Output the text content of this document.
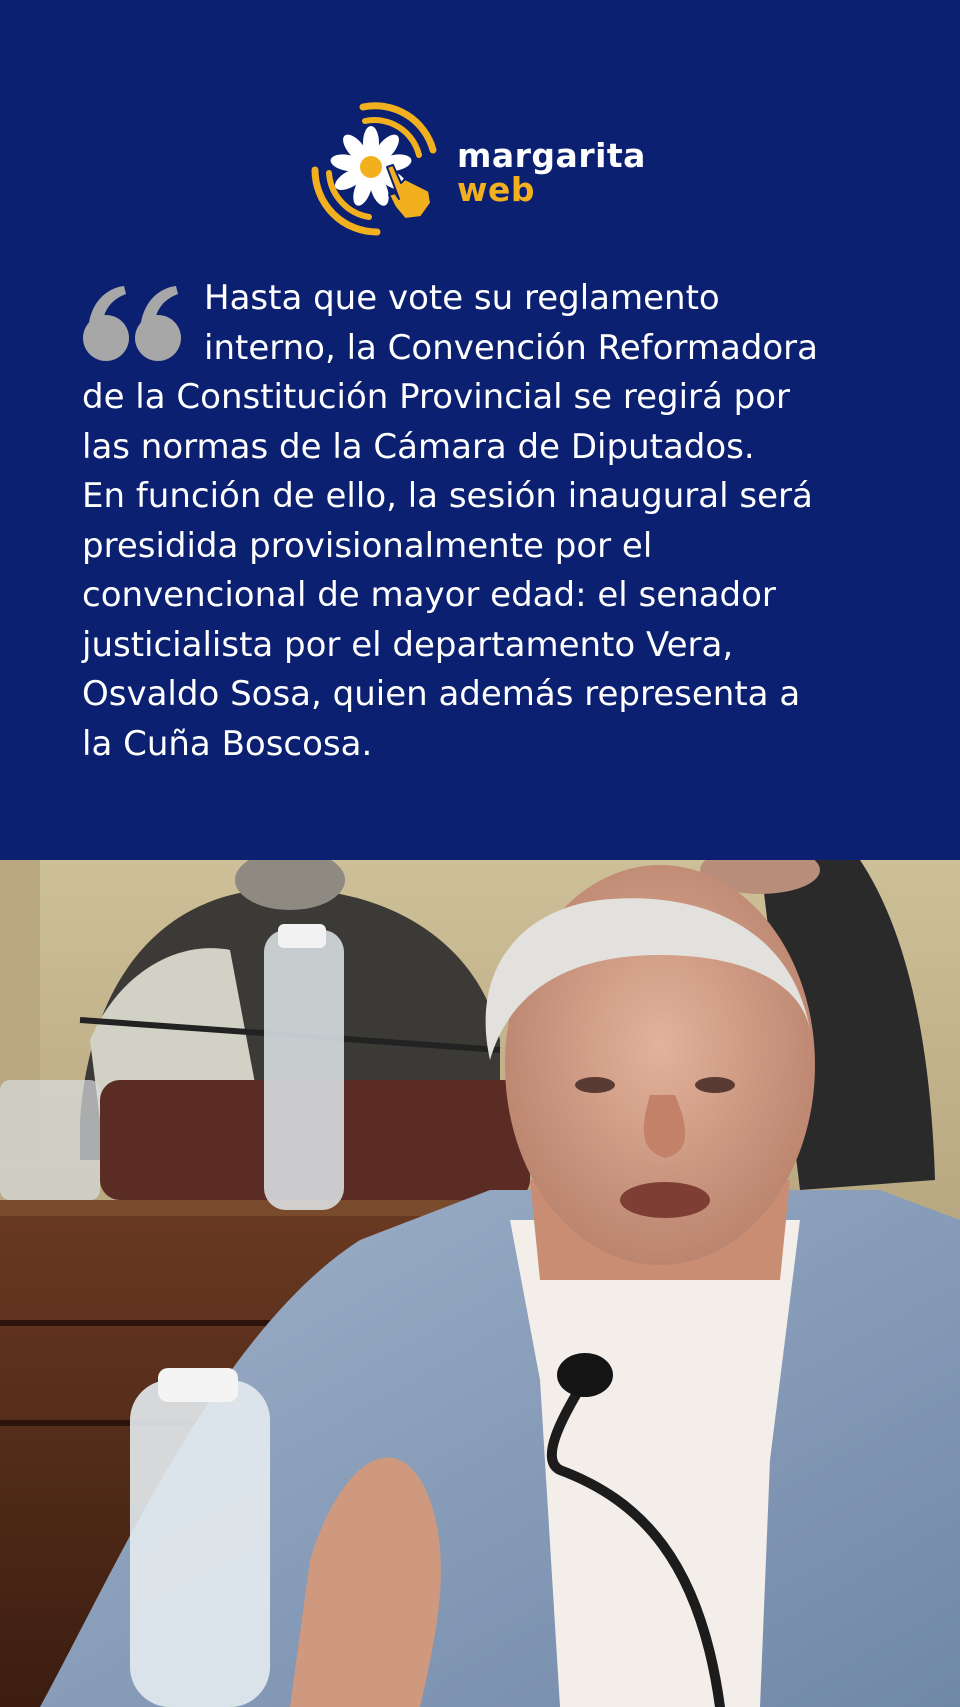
margarita
web

Hasta que vote su reglamento
interno, la Convención Reformadora
de la Constitución Provincial se regirá por
las normas de la Cámara de Diputados.
En función de ello, la sesión inaugural será
presidida provisionalmente por el
convencional de mayor edad: el senador
justicialista por el departamento Vera,
Osvaldo Sosa, quien además representa a
la Cuña Boscosa.
